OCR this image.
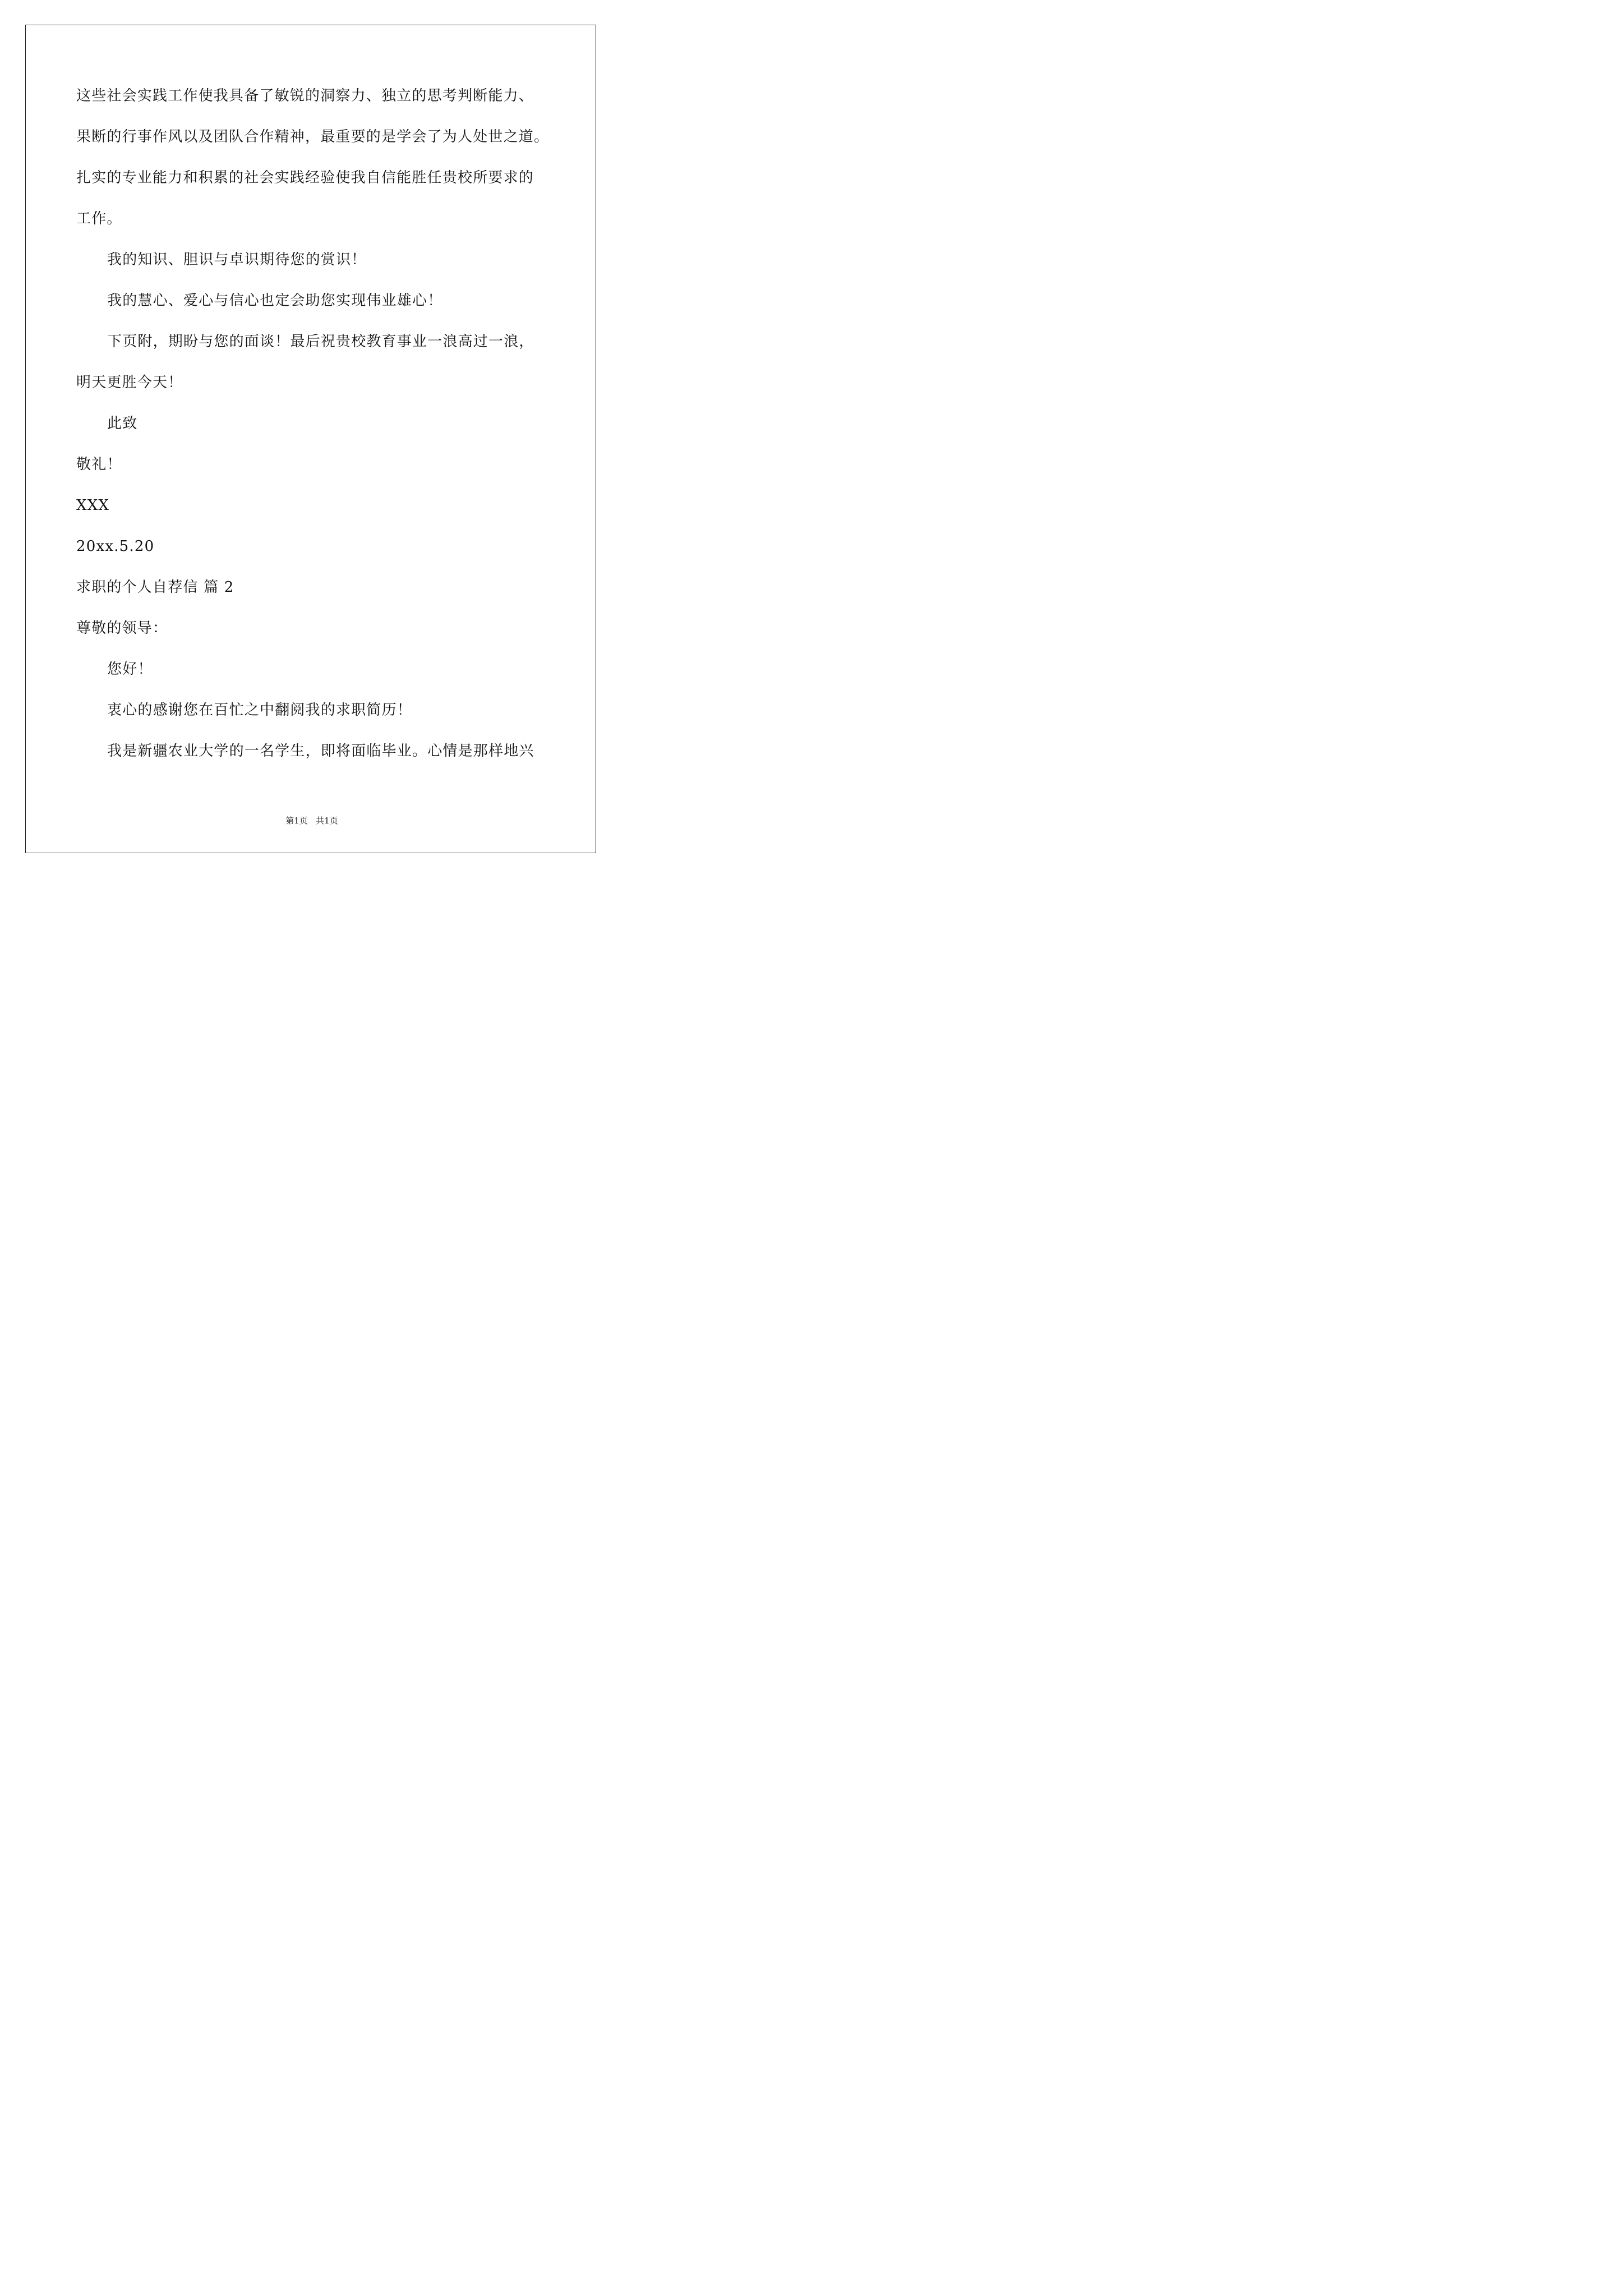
这些社会实践工作使我具备了敏锐的洞察力、独立的思考判断能力、
果断的行事作风以及团队合作精神，最重要的是学会了为人处世之道。
扎实的专业能力和积累的社会实践经验使我自信能胜任贵校所要求的
工作。
我的知识、胆识与卓识期待您的赏识！
我的慧心、爱心与信心也定会助您实现伟业雄心！
下页附，期盼与您的面谈！最后祝贵校教育事业一浪高过一浪，
明天更胜今天！
此致
敬礼！
XXX
20xx.5.20
求职的个人自荐信 篇 2
尊敬的领导：
您好！
衷心的感谢您在百忙之中翻阅我的求职简历！
我是新疆农业大学的一名学生，即将面临毕业。心情是那样地兴
第1页   共1页
